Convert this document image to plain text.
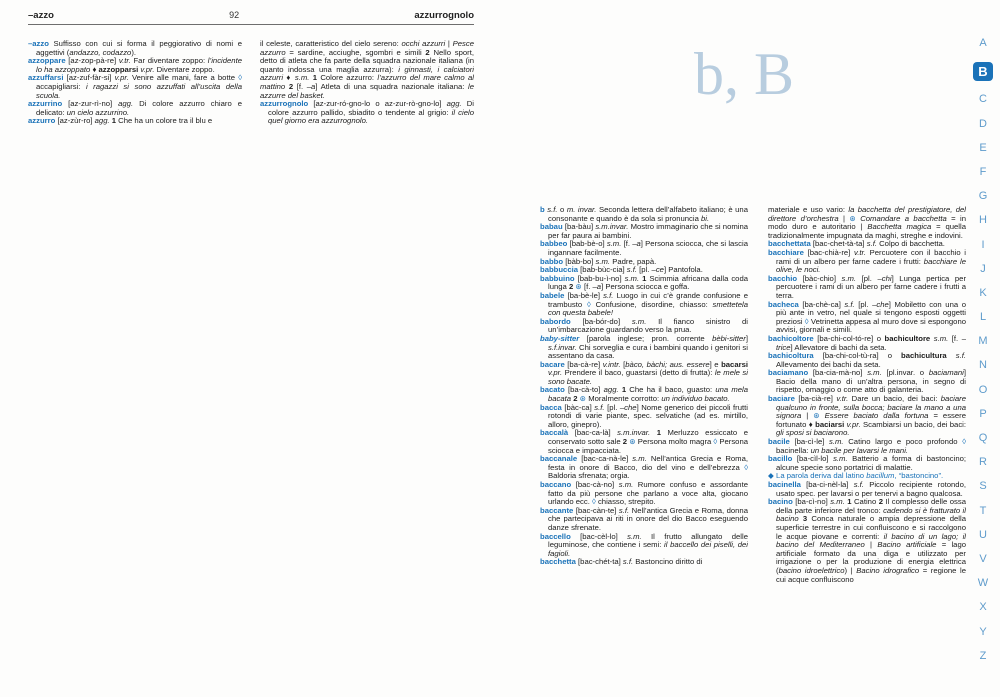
–azzo	92	azzurrognolo

–azzo Suffisso con cui si forma il peggiorativo di nomi e aggettivi (andazzo, codazzo).

azzoppare [az-zop-pà-re] v.tr. Far diventare zoppo: l’incidente lo ha azzoppato ♦ azzopparsi v.pr. Diventare zoppo.

azzuffarsi [az-zuf-fàr-si] v.pr. Venire alle mani, fare a botte ◊ accapigliarsi: i ragazzi si sono azzuffati all’uscita della scuola.

azzurrino [az-zur-rì-no] agg. Di colore azzurro chiaro e delicato: un cielo azzurrino.

azzurro [az-zùr-ro] agg. 1 Che ha un colore tra il blu e

il celeste, caratteristico del cielo sereno: occhi azzurri | Pesce azzurro = sardine, acciughe, sgombri e simili 2 Nello sport, detto di atleta che fa parte della squadra nazionale italiana (in quanto indossa una maglia azzurra): i ginnasti, i calciatori azzurri ♦ s.m. 1 Colore azzurro: l’azzurro del mare calmo al mattino 2 [f. –a] Atleta di una squadra nazionale italiana: le azzurre del basket.

azzurrognolo [az-zur-ró-gno-lo o az-zur-rò-gno-lo] agg. Di colore azzurro pallido, sbiadito o tendente al grigio: il cielo quel giorno era azzurrognolo.

b, B

b s.f. o m. invar. Seconda lettera dell’alfabeto italiano; è una consonante e quando è da sola si pronuncia bi.

babau [ba-bàu] s.m.invar. Mostro immaginario che si nomina per far paura ai bambini.

babbeo [bab-bè-o] s.m. [f. –a] Persona sciocca, che si lascia ingannare facilmente.

babbo [bàb-bo] s.m. Padre, papà.

babbuccia [bab-bùc-cia] s.f. [pl. –ce] Pantofola.

babbuino [bab-bu-ì-no] s.m. 1 Scimmia africana dalla coda lunga 2 ⊛ [f. –a] Persona sciocca e goffa.

babele [ba-bè-le] s.f. Luogo in cui c’è grande confusione e trambusto ◊ Confusione, disordine, chiasso: smettetela con questa babele!

babordo [ba-bór-do] s.m. Il fianco sinistro di un’imbarcazione guardando verso la prua.

baby-sitter [parola inglese; pron. corrente bèbi-sitter] s.f.invar. Chi sorveglia e cura i bambini quando i genitori si assentano da casa.

bacare [ba-cà-re] v.intr. [bàco, bàchi; aus. essere] e bacarsi v.pr. Prendere il baco, guastarsi (detto di frutta): le mele si sono bacate.

bacato [ba-cà-to] agg. 1 Che ha il baco, guasto: una mela bacata 2 ⊛ Moralmente corrotto: un individuo bacato.

bacca [bàc-ca] s.f. [pl. –che] Nome generico dei piccoli frutti rotondi di varie piante, spec. selvatiche (ad es. mirtillo, alloro, ginepro).

baccalà [bac-ca-là] s.m.invar. 1 Merluzzo essiccato e conservato sotto sale 2 ⊛ Persona molto magra ◊ Persona sciocca e impacciata.

baccanale [bac-ca-nà-le] s.m. Nell’antica Grecia e Roma, festa in onore di Bacco, dio del vino e dell’ebrezza ◊ Baldoria sfrenata; orgia.

baccano [bac-cà-no] s.m. Rumore confuso e assordante fatto da più persone che parlano a voce alta, giocano urlando ecc. ◊ chiasso, strepito.

baccante [bac-càn-te] s.f. Nell’antica Grecia e Roma, donna che partecipava ai riti in onore del dio Bacco eseguendo danze sfrenate.

baccello [bac-cèl-lo] s.m. Il frutto allungato delle leguminose, che contiene i semi: il baccello dei piselli, dei fagioli.

bacchetta [bac-chét-ta] s.f. Bastoncino diritto di

materiale e uso vario: la bacchetta del prestigiatore, del direttore d’orchestra | ⊛ Comandare a bacchetta = in modo duro e autoritario | Bacchetta magica = quella tradizionalmente impugnata da maghi, streghe e indovini.

bacchettata [bac-chet-tà-ta] s.f. Colpo di bacchetta.

bacchiare [bac-chià-re] v.tr. Percuotere con il bacchio i rami di un albero per farne cadere i frutti: bacchiare le olive, le noci.

bacchio [bàc-chio] s.m. [pl. –chi] Lunga pertica per percuotere i rami di un albero per farne cadere i frutti a terra.

bacheca [ba-chè-ca] s.f. [pl. –che] Mobiletto con una o più ante in vetro, nel quale si tengono esposti oggetti preziosi ◊ Vetrinetta appesa al muro dove si espongono avvisi, giornali e simili.

bachicoltore [ba-chi-col-tó-re] o bachicultore s.m. [f. –trice] Allevatore di bachi da seta.

bachicoltura [ba-chi-col-tù-ra] o bachicultura s.f. Allevamento dei bachi da seta.

baciamano [ba-cia-mà-no] s.m. [pl.invar. o baciamani] Bacio della mano di un’altra persona, in segno di rispetto, omaggio o come atto di galanteria.

baciare [ba-cià-re] v.tr. Dare un bacio, dei baci: baciare qualcuno in fronte, sulla bocca; baciare la mano a una signora | ⊛ Essere baciato dalla fortuna = essere fortunato ♦ baciarsi v.pr. Scambiarsi un bacio, dei baci: gli sposi si baciarono.

bacile [ba-cì-le] s.m. Catino largo e poco profondo ◊ bacinella: un bacile per lavarsi le mani.

bacillo [ba-cìl-lo] s.m. Batterio a forma di bastoncino; alcune specie sono portatrici di malattie.

◆ La parola deriva dal latino bacillum, “bastoncino”.

bacinella [ba-ci-nèl-la] s.f. Piccolo recipiente rotondo, usato spec. per lavarsi o per tenervi a bagno qualcosa.

bacino [ba-cì-no] s.m. 1 Catino 2 Il complesso delle ossa della parte inferiore del tronco: cadendo si è fratturato il bacino 3 Conca naturale o ampia depressione della superficie terrestre in cui confluiscono e si raccolgono le acque piovane e correnti: il bacino di un lago; il bacino del Mediterraneo | Bacino artificiale = lago artificiale formato da una diga e utilizzato per irrigazione o per la produzione di energia elettrica (bacino idroelettrico) | Bacino idrografico = regione le cui acque confluiscono

A
B
C
D
E
F
G
H
I
J
K
L
M
N
O
P
Q
R
S
T
U
V
W
X
Y
Z
